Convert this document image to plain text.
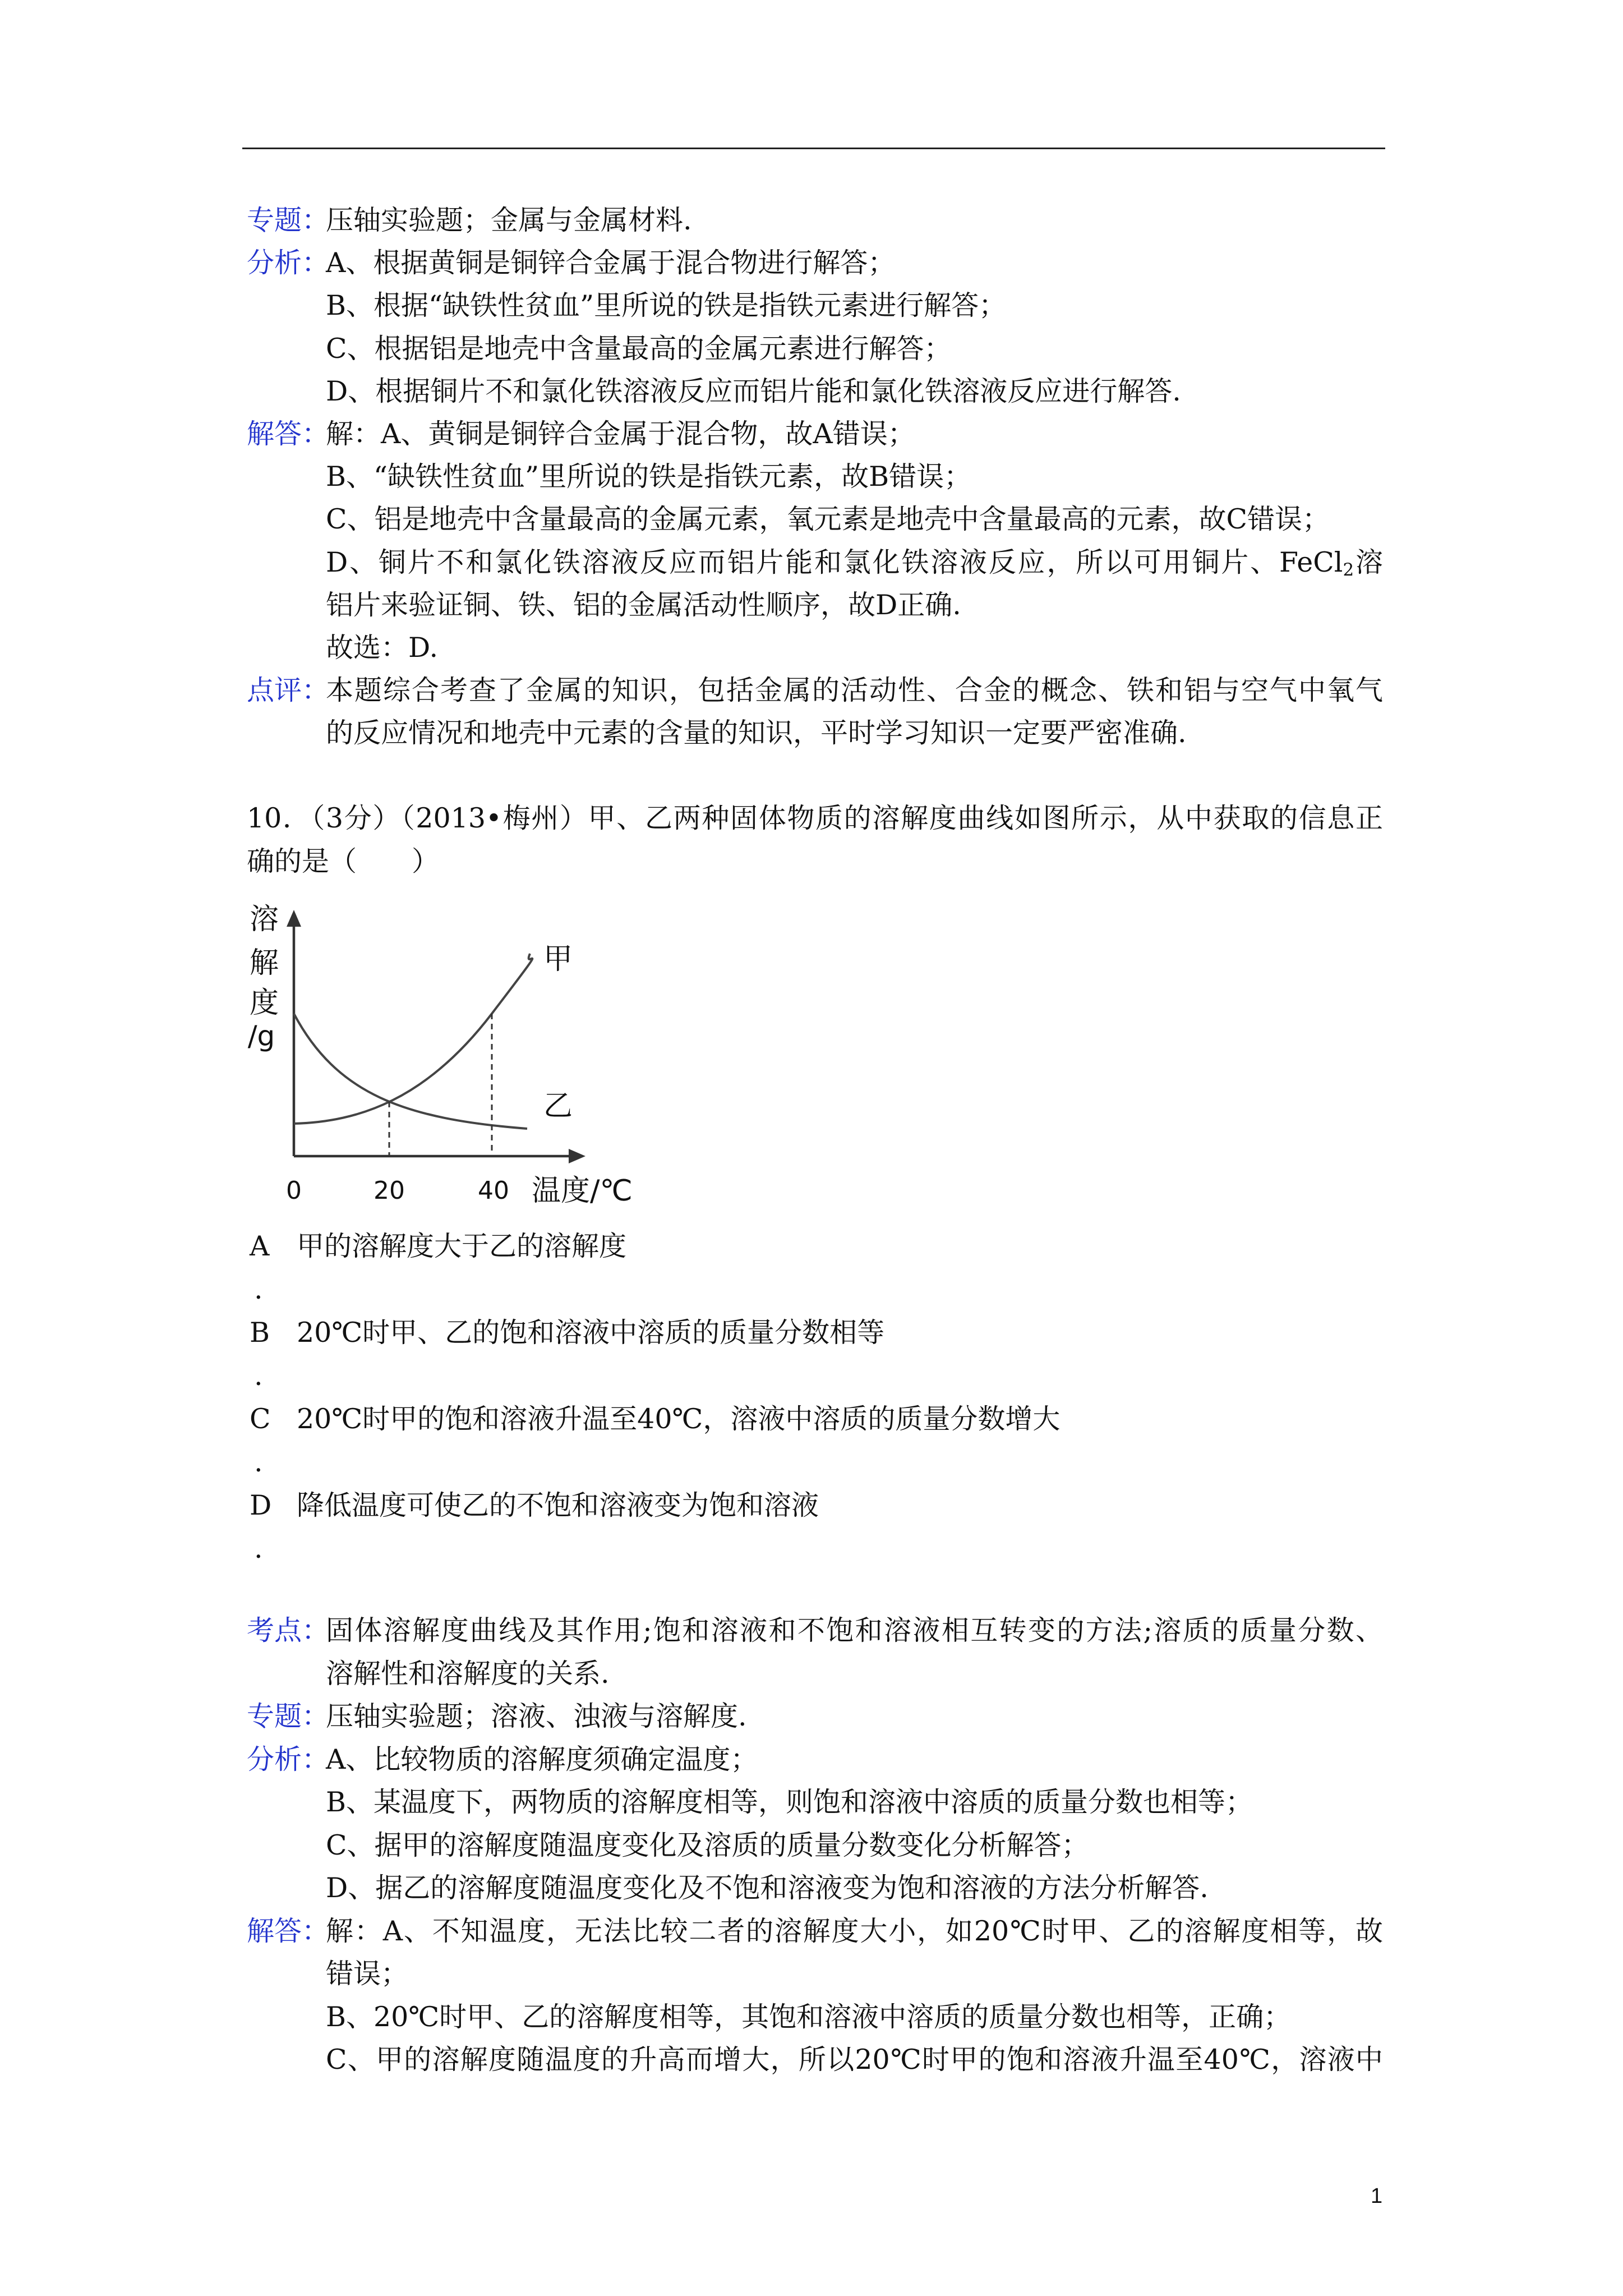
专题：
压轴实验题；金属与金属材料.
分析：
A、根据黄铜是铜锌合金属于混合物进行解答；
B、根据“缺铁性贫血”里所说的铁是指铁元素进行解答；
C、根据铝是地壳中含量最高的金属元素进行解答；
D、根据铜片不和氯化铁溶液反应而铝片能和氯化铁溶液反应进行解答.
解答：
解：A、黄铜是铜锌合金属于混合物，故A错误；
B、“缺铁性贫血”里所说的铁是指铁元素，故B错误；
C、铝是地壳中含量最高的金属元素，氧元素是地壳中含量最高的元素，故C错误；
D、铜片不和氯化铁溶液反应而铝片能和氯化铁溶液反应，所以可用铜片、FeCl$_2$溶
铝片来验证铜、铁、铝的金属活动性顺序，故D正确.
故选：D.
点评：
本题综合考查了金属的知识，包括金属的活动性、合金的概念、铁和铝与空气中氧气
的反应情况和地壳中元素的含量的知识，平时学习知识一定要严密准确.
10．（3分）（2013•梅州）甲、乙两种固体物质的溶解度曲线如图所示，从中获取的信息正
确的是（　　）
溶
解
度
/g
甲
乙
0	20	40 温度/℃
A 甲的溶解度大于乙的溶解度
.
B 20℃时甲、乙的饱和溶液中溶质的质量分数相等
.
C 20℃时甲的饱和溶液升温至40℃，溶液中溶质的质量分数增大
.
D 降低温度可使乙的不饱和溶液变为饱和溶液
.
考点：
固体溶解度曲线及其作用;饱和溶液和不饱和溶液相互转变的方法;溶质的质量分数、
溶解性和溶解度的关系.
专题：
压轴实验题；溶液、浊液与溶解度.
分析：
A、比较物质的溶解度须确定温度；
B、某温度下，两物质的溶解度相等，则饱和溶液中溶质的质量分数也相等；
C、据甲的溶解度随温度变化及溶质的质量分数变化分析解答；
D、据乙的溶解度随温度变化及不饱和溶液变为饱和溶液的方法分析解答.
解答：
解：A、不知温度，无法比较二者的溶解度大小，如20℃时甲、乙的溶解度相等，故
错误；
B、20℃时甲、乙的溶解度相等，其饱和溶液中溶质的质量分数也相等，正确；
C、甲的溶解度随温度的升高而增大，所以20℃时甲的饱和溶液升温至40℃，溶液中
1
